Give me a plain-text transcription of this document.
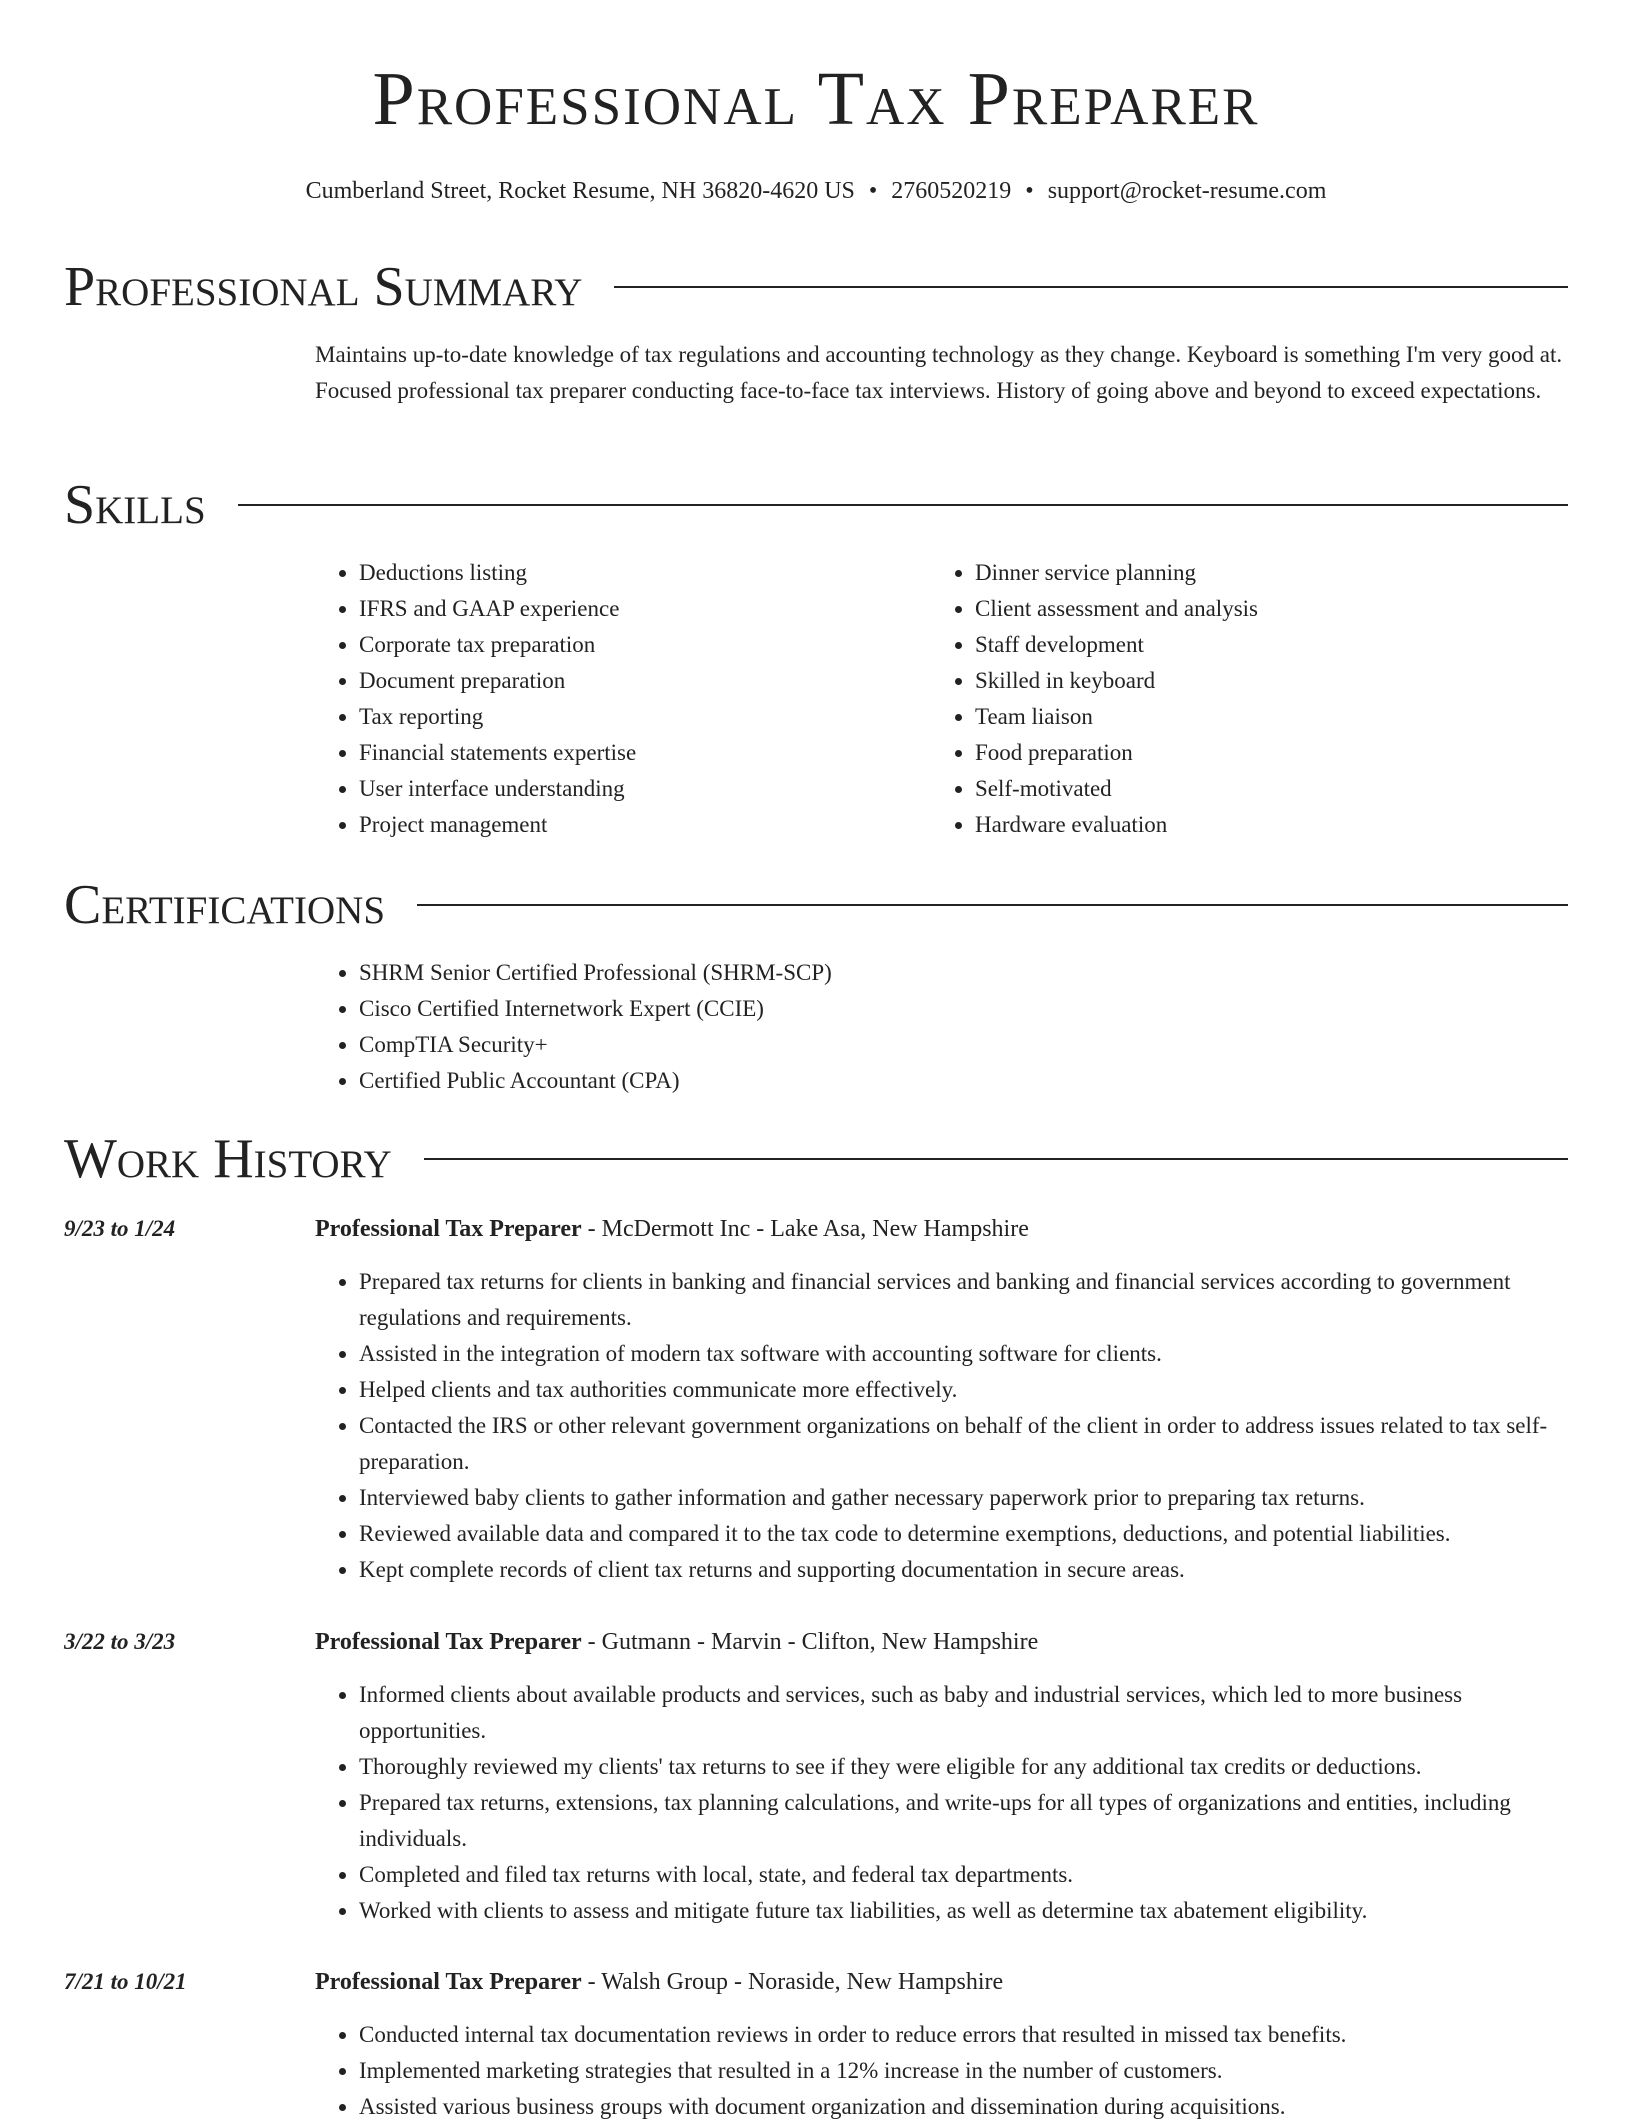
Professional Tax Preparer
Cumberland Street, Rocket Resume, NH 36820-4620 US • 2760520219 • support@rocket-resume.com
Professional Summary
Maintains up-to-date knowledge of tax regulations and accounting technology as they change. Keyboard is something I'm very good at. Focused professional tax preparer conducting face-to-face tax interviews. History of going above and beyond to exceed expectations.
Skills
• Deductions listing
• IFRS and GAAP experience
• Corporate tax preparation
• Document preparation
• Tax reporting
• Financial statements expertise
• User interface understanding
• Project management
• Dinner service planning
• Client assessment and analysis
• Staff development
• Skilled in keyboard
• Team liaison
• Food preparation
• Self-motivated
• Hardware evaluation
Certifications
• SHRM Senior Certified Professional (SHRM-SCP)
• Cisco Certified Internetwork Expert (CCIE)
• CompTIA Security+
• Certified Public Accountant (CPA)
Work History
9/23 to 1/24	Professional Tax Preparer - McDermott Inc - Lake Asa, New Hampshire
• Prepared tax returns for clients in banking and financial services and banking and financial services according to government regulations and requirements.
• Assisted in the integration of modern tax software with accounting software for clients.
• Helped clients and tax authorities communicate more effectively.
• Contacted the IRS or other relevant government organizations on behalf of the client in order to address issues related to tax self-preparation.
• Interviewed baby clients to gather information and gather necessary paperwork prior to preparing tax returns.
• Reviewed available data and compared it to the tax code to determine exemptions, deductions, and potential liabilities.
• Kept complete records of client tax returns and supporting documentation in secure areas.
3/22 to 3/23	Professional Tax Preparer - Gutmann - Marvin - Clifton, New Hampshire
• Informed clients about available products and services, such as baby and industrial services, which led to more business opportunities.
• Thoroughly reviewed my clients' tax returns to see if they were eligible for any additional tax credits or deductions.
• Prepared tax returns, extensions, tax planning calculations, and write-ups for all types of organizations and entities, including individuals.
• Completed and filed tax returns with local, state, and federal tax departments.
• Worked with clients to assess and mitigate future tax liabilities, as well as determine tax abatement eligibility.
7/21 to 10/21	Professional Tax Preparer - Walsh Group - Noraside, New Hampshire
• Conducted internal tax documentation reviews in order to reduce errors that resulted in missed tax benefits.
• Implemented marketing strategies that resulted in a 12% increase in the number of customers.
• Assisted various business groups with document organization and dissemination during acquisitions.
